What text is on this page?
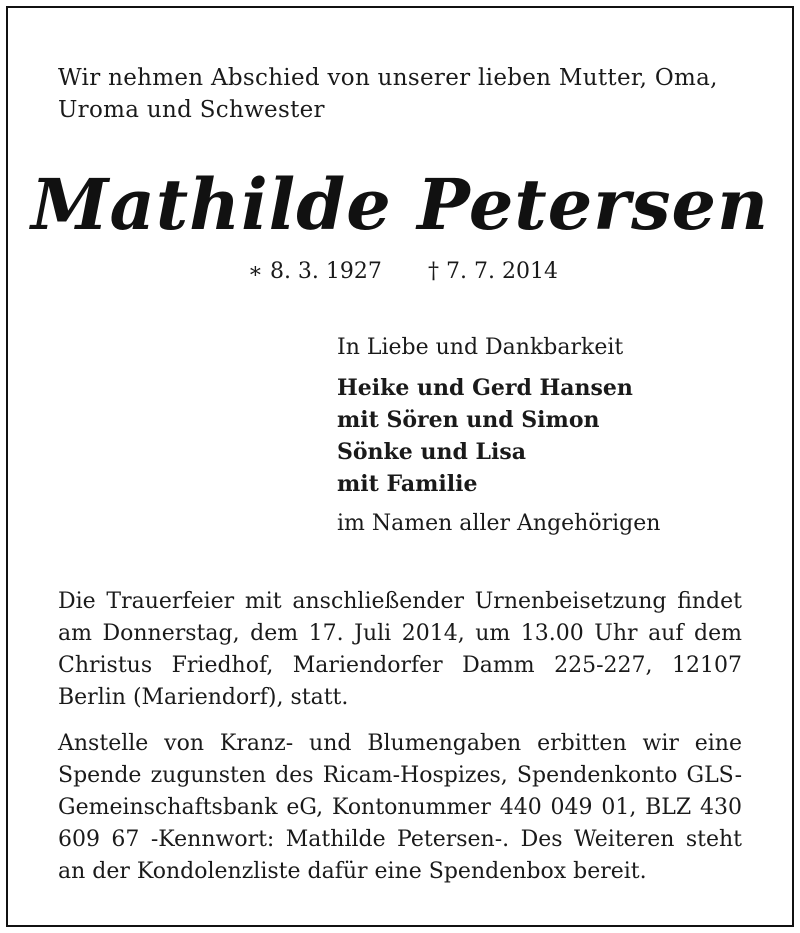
Wir nehmen Abschied von unserer lieben Mutter, Oma,
Uroma und Schwester
Mathilde Petersen
∗ 8. 3. 1927 † 7. 7. 2014
In Liebe und Dankbarkeit
Heike und Gerd Hansen
mit Sören und Simon
Sönke und Lisa
mit Familie
im Namen aller Angehörigen

Die Trauerfeier mit anschließender Urnenbeisetzung findet am Donnerstag, dem 17. Juli 2014, um 13.00 Uhr auf dem Christus Friedhof, Mariendorfer Damm 225-227, 12107 Berlin (Mariendorf), statt.

Anstelle von Kranz- und Blumengaben erbitten wir eine Spende zugunsten des Ricam-Hospizes, Spendenkonto GLS-Gemeinschaftsbank eG, Kontonummer 440 049 01, BLZ 430 609 67 -Kennwort: Mathilde Petersen-. Des Weiteren steht an der Kondolenzliste dafür eine Spendenbox bereit.
